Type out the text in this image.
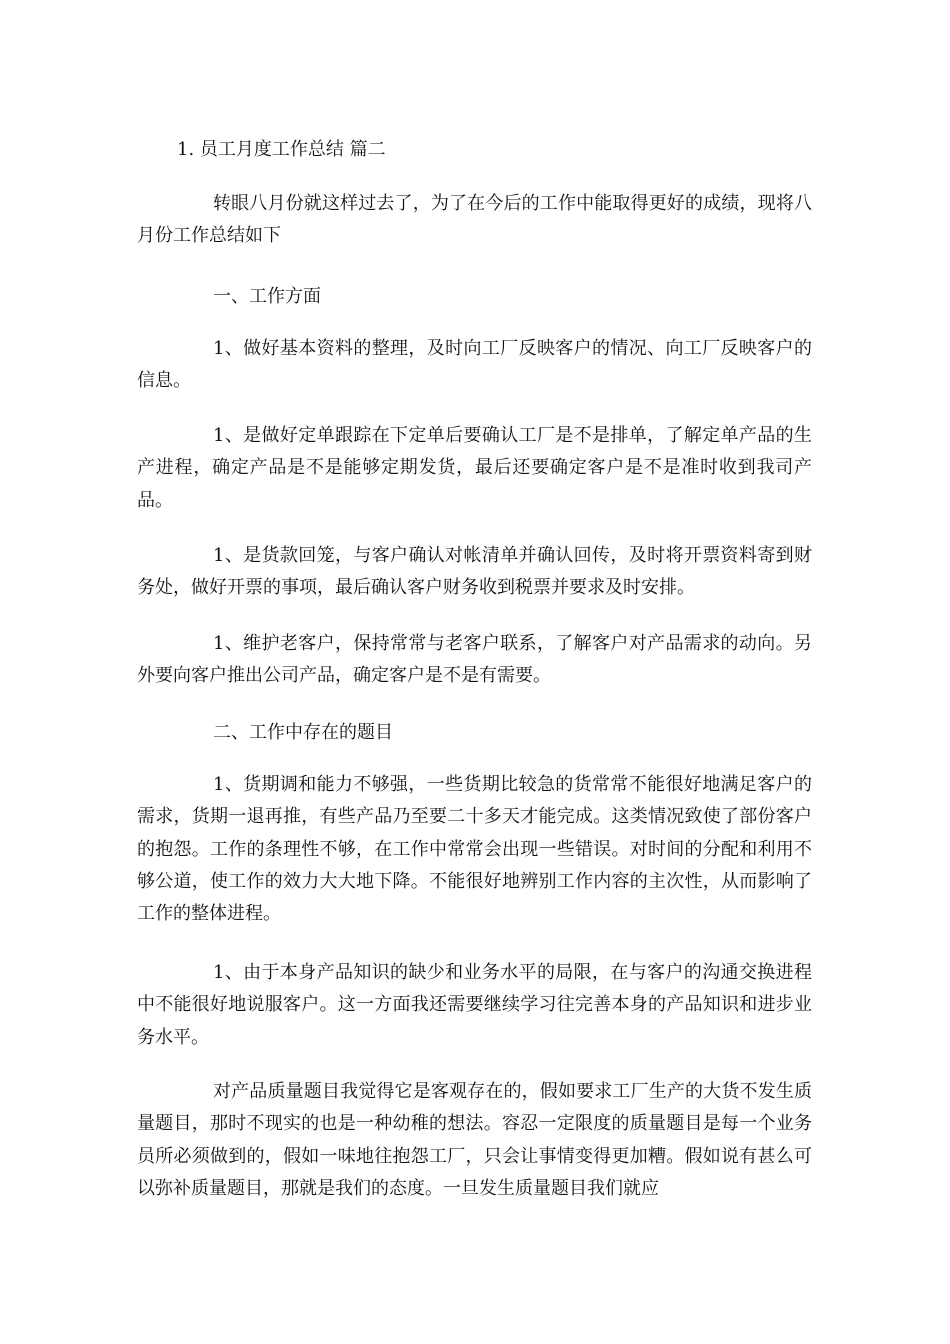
1. 员工月度工作总结 篇二

转眼八月份就这样过去了，为了在今后的工作中能取得更好的成绩，现将八月份工作总结如下

一、工作方面

1、做好基本资料的整理，及时向工厂反映客户的情况、向工厂反映客户的信息。

1、是做好定单跟踪在下定单后要确认工厂是不是排单，了解定单产品的生产进程，确定产品是不是能够定期发货，最后还要确定客户是不是准时收到我司产品。

1、是货款回笼，与客户确认对帐清单并确认回传，及时将开票资料寄到财务处，做好开票的事项，最后确认客户财务收到税票并要求及时安排。

1、维护老客户，保持常常与老客户联系，了解客户对产品需求的动向。另外要向客户推出公司产品，确定客户是不是有需要。

二、工作中存在的题目

1、货期调和能力不够强，一些货期比较急的货常常不能很好地满足客户的需求，货期一退再推，有些产品乃至要二十多天才能完成。这类情况致使了部份客户的抱怨。工作的条理性不够，在工作中常常会出现一些错误。对时间的分配和利用不够公道，使工作的效力大大地下降。不能很好地辨别工作内容的主次性，从而影响了工作的整体进程。

1、由于本身产品知识的缺少和业务水平的局限，在与客户的沟通交换进程中不能很好地说服客户。这一方面我还需要继续学习往完善本身的产品知识和进步业务水平。

对产品质量题目我觉得它是客观存在的，假如要求工厂生产的大货不发生质量题目，那时不现实的也是一种幼稚的想法。容忍一定限度的质量题目是每一个业务员所必须做到的，假如一味地往抱怨工厂，只会让事情变得更加糟。假如说有甚么可以弥补质量题目，那就是我们的态度。一旦发生质量题目我们就应
